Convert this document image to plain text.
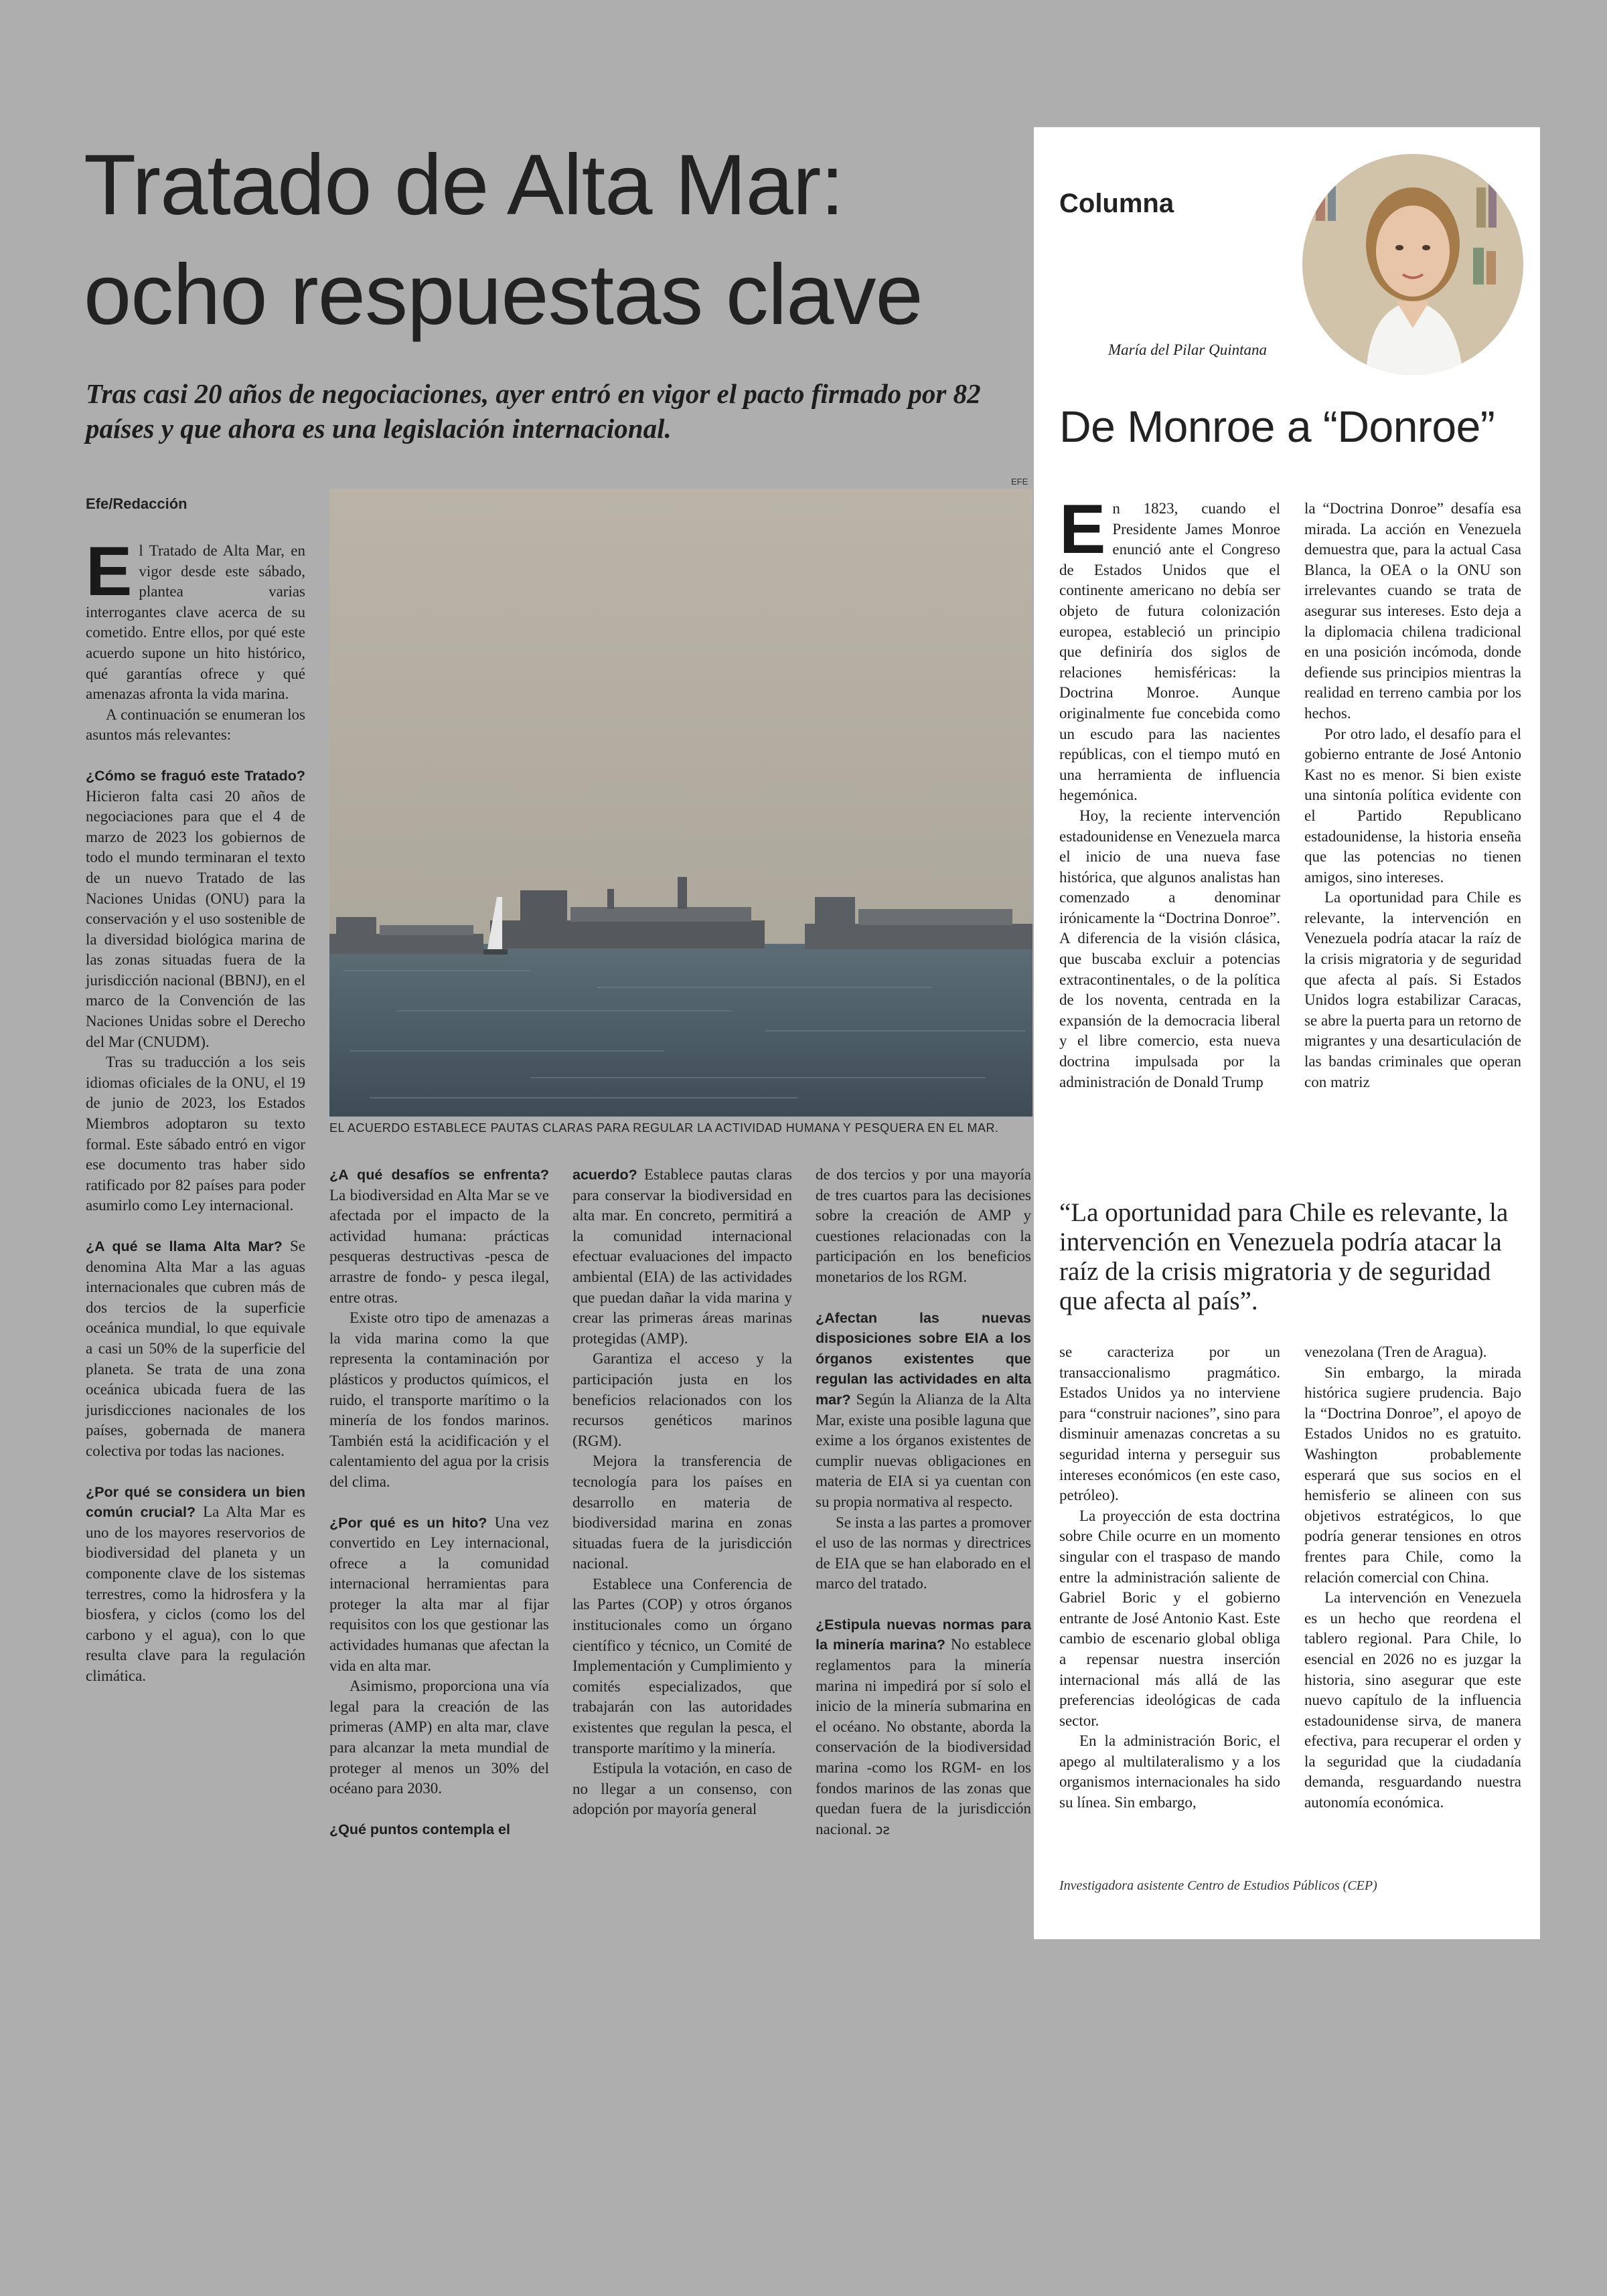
Tratado de Alta Mar:
ocho respuestas clave
Tras casi 20 años de negociaciones, ayer entró en vigor el pacto firmado por 82 países y que ahora es una legislación internacional.
Efe/Redacción
EFE
EL ACUERDO ESTABLECE PAUTAS CLARAS PARA REGULAR LA ACTIVIDAD HUMANA Y PESQUERA EN EL MAR.

El Tratado de Alta Mar, en vigor desde este sábado, plantea varias interrogantes clave acerca de su cometido. Entre ellos, por qué este acuerdo supone un hito histórico, qué garantías ofrece y qué amenazas afronta la vida marina.

A continuación se enumeran los asuntos más relevantes:

¿Cómo se fraguó este Tratado? Hicieron falta casi 20 años de negociaciones para que el 4 de marzo de 2023 los gobiernos de todo el mundo terminaran el texto de un nuevo Tratado de las Naciones Unidas (ONU) para la conservación y el uso sostenible de la diversidad biológica marina de las zonas situadas fuera de la jurisdicción nacional (BBNJ), en el marco de la Convención de las Naciones Unidas sobre el Derecho del Mar (CNUDM).

Tras su traducción a los seis idiomas oficiales de la ONU, el 19 de junio de 2023, los Estados Miembros adoptaron su texto formal. Este sábado entró en vigor ese documento tras haber sido ratificado por 82 países para poder asumirlo como Ley internacional.

¿A qué se llama Alta Mar? Se denomina Alta Mar a las aguas internacionales que cubren más de dos tercios de la superficie oceánica mundial, lo que equivale a casi un 50% de la superficie del planeta. Se trata de una zona oceánica ubicada fuera de las jurisdicciones nacionales de los países, gobernada de manera colectiva por todas las naciones.

¿Por qué se considera un bien común crucial? La Alta Mar es uno de los mayores reservorios de biodiversidad del planeta y un componente clave de los sistemas terrestres, como la hidrosfera y la biosfera, y ciclos (como los del carbono y el agua), con lo que resulta clave para la regulación climática.

¿A qué desafíos se enfrenta? La biodiversidad en Alta Mar se ve afectada por el impacto de la actividad humana: prácticas pesqueras destructivas -pesca de arrastre de fondo- y pesca ilegal, entre otras.

Existe otro tipo de amenazas a la vida marina como la que representa la contaminación por plásticos y productos químicos, el ruido, el transporte marítimo o la minería de los fondos marinos. También está la acidificación y el calentamiento del agua por la crisis del clima.

¿Por qué es un hito? Una vez convertido en Ley internacional, ofrece a la comunidad internacional herramientas para proteger la alta mar al fijar requisitos con los que gestionar las actividades humanas que afectan la vida en alta mar.

Asimismo, proporciona una vía legal para la creación de las primeras (AMP) en alta mar, clave para alcanzar la meta mundial de proteger al menos un 30% del océano para 2030.

¿Qué puntos contempla el

acuerdo? Establece pautas claras para conservar la biodiversidad en alta mar. En concreto, permitirá a la comunidad internacional efectuar evaluaciones del impacto ambiental (EIA) de las actividades que puedan dañar la vida marina y crear las primeras áreas marinas protegidas (AMP).

Garantiza el acceso y la participación justa en los beneficios relacionados con los recursos genéticos marinos (RGM).

Mejora la transferencia de tecnología para los países en desarrollo en materia de biodiversidad marina en zonas situadas fuera de la jurisdicción nacional.

Establece una Conferencia de las Partes (COP) y otros órganos institucionales como un órgano científico y técnico, un Comité de Implementación y Cumplimiento y comités especializados, que trabajarán con las autoridades existentes que regulan la pesca, el transporte marítimo y la minería.

Estipula la votación, en caso de no llegar a un consenso, con adopción por mayoría general

de dos tercios y por una mayoría de tres cuartos para las decisiones sobre la creación de AMP y cuestiones relacionadas con la participación en los beneficios monetarios de los RGM.

¿Afectan las nuevas disposiciones sobre EIA a los órganos existentes que regulan las actividades en alta mar? Según la Alianza de la Alta Mar, existe una posible laguna que exime a los órganos existentes de cumplir nuevas obligaciones en materia de EIA si ya cuentan con su propia normativa al respecto.

Se insta a las partes a promover el uso de las normas y directrices de EIA que se han elaborado en el marco del tratado.

¿Estipula nuevas normas para la minería marina? No establece reglamentos para la minería marina ni impedirá por sí solo el inicio de la minería submarina en el océano. No obstante, aborda la conservación de la biodiversidad marina -como los RGM- en los fondos marinos de las zonas que quedan fuera de la jurisdicción nacional. ↄƨ

Columna
María del Pilar Quintana
De Monroe a “Donroe”

En 1823, cuando el Presidente James Monroe enunció ante el Congreso de Estados Unidos que el continente americano no debía ser objeto de futura colonización europea, estableció un principio que definiría dos siglos de relaciones hemisféricas: la Doctrina Monroe. Aunque originalmente fue concebida como un escudo para las nacientes repúblicas, con el tiempo mutó en una herramienta de influencia hegemónica.

Hoy, la reciente intervención estadounidense en Venezuela marca el inicio de una nueva fase histórica, que algunos analistas han comenzado a denominar irónicamente la “Doctrina Donroe”. A diferencia de la visión clásica, que buscaba excluir a potencias extracontinentales, o de la política de los noventa, centrada en la expansión de la democracia liberal y el libre comercio, esta nueva doctrina impulsada por la administración de Donald Trump

la “Doctrina Donroe” desafía esa mirada. La acción en Venezuela demuestra que, para la actual Casa Blanca, la OEA o la ONU son irrelevantes cuando se trata de asegurar sus intereses. Esto deja a la diplomacia chilena tradicional en una posición incómoda, donde defiende sus principios mientras la realidad en terreno cambia por los hechos.

Por otro lado, el desafío para el gobierno entrante de José Antonio Kast no es menor. Si bien existe una sintonía política evidente con el Partido Republicano estadounidense, la historia enseña que las potencias no tienen amigos, sino intereses.

La oportunidad para Chile es relevante, la intervención en Venezuela podría atacar la raíz de la crisis migratoria y de seguridad que afecta al país. Si Estados Unidos logra estabilizar Caracas, se abre la puerta para un retorno de migrantes y una desarticulación de las bandas criminales que operan con matriz

“La oportunidad para Chile es relevante, la intervención en Venezuela podría atacar la raíz de la crisis migratoria y de seguridad que afecta al país”.

se caracteriza por un transaccionalismo pragmático. Estados Unidos ya no interviene para “construir naciones”, sino para disminuir amenazas concretas a su seguridad interna y perseguir sus intereses económicos (en este caso, petróleo).

La proyección de esta doctrina sobre Chile ocurre en un momento singular con el traspaso de mando entre la administración saliente de Gabriel Boric y el gobierno entrante de José Antonio Kast. Este cambio de escenario global obliga a repensar nuestra inserción internacional más allá de las preferencias ideológicas de cada sector.

En la administración Boric, el apego al multilateralismo y a los organismos internacionales ha sido su línea. Sin embargo,

venezolana (Tren de Aragua).

Sin embargo, la mirada histórica sugiere prudencia. Bajo la “Doctrina Donroe”, el apoyo de Estados Unidos no es gratuito. Washington probablemente esperará que sus socios en el hemisferio se alineen con sus objetivos estratégicos, lo que podría generar tensiones en otros frentes para Chile, como la relación comercial con China.

La intervención en Venezuela es un hecho que reordena el tablero regional. Para Chile, lo esencial en 2026 no es juzgar la historia, sino asegurar que este nuevo capítulo de la influencia estadounidense sirva, de manera efectiva, para recuperar el orden y la seguridad que la ciudadanía demanda, resguardando nuestra autonomía económica.

Investigadora asistente Centro de Estudios Públicos (CEP)
